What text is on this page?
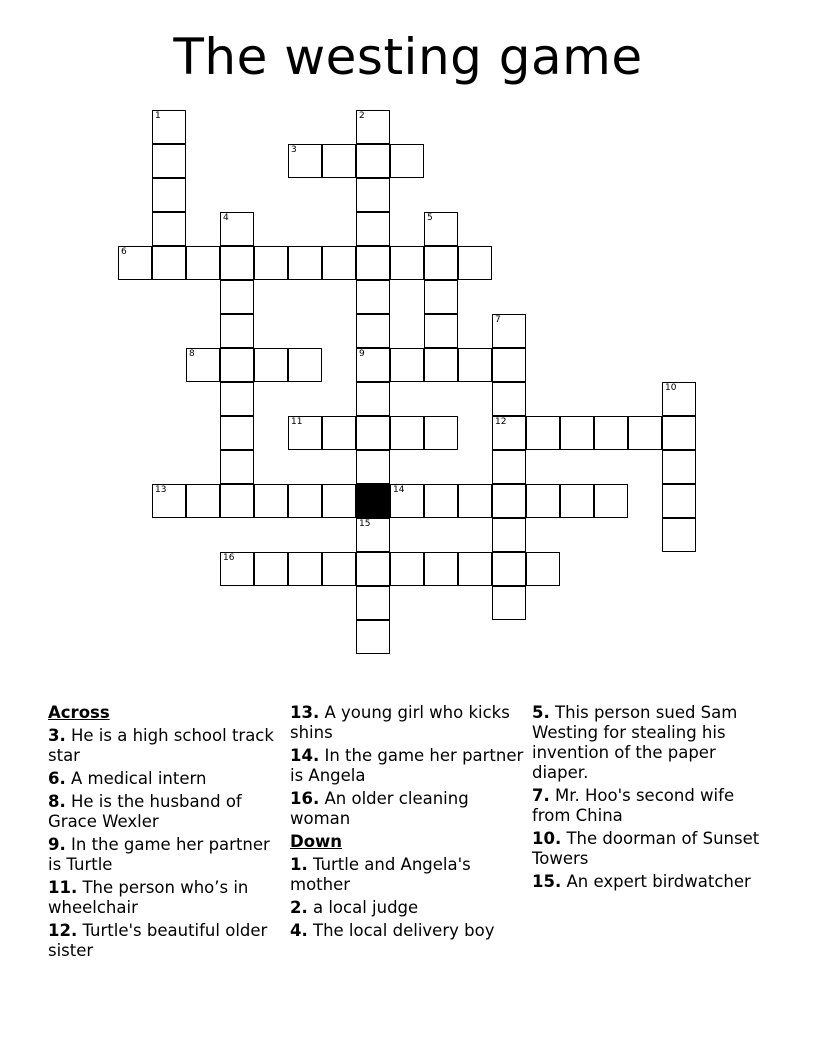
The westing game
1	2
9
3
4	5
6
7
12
8
10
11
13	14
15
16
Across
3. He is a high school track star
6. A medical intern
8. He is the husband of Grace Wexler
9. In the game her partner is Turtle
11. The person who’s in wheelchair
12. Turtle's beautiful older sister
13. A young girl who kicks shins
14. In the game her partner is Angela
16. An older cleaning woman
Down
1. Turtle and Angela's mother
2. a local judge
4. The local delivery boy
5. This person sued Sam Westing for stealing his invention of the paper diaper.
7. Mr. Hoo's second wife from China
10. The doorman of Sunset Towers
15. An expert birdwatcher
